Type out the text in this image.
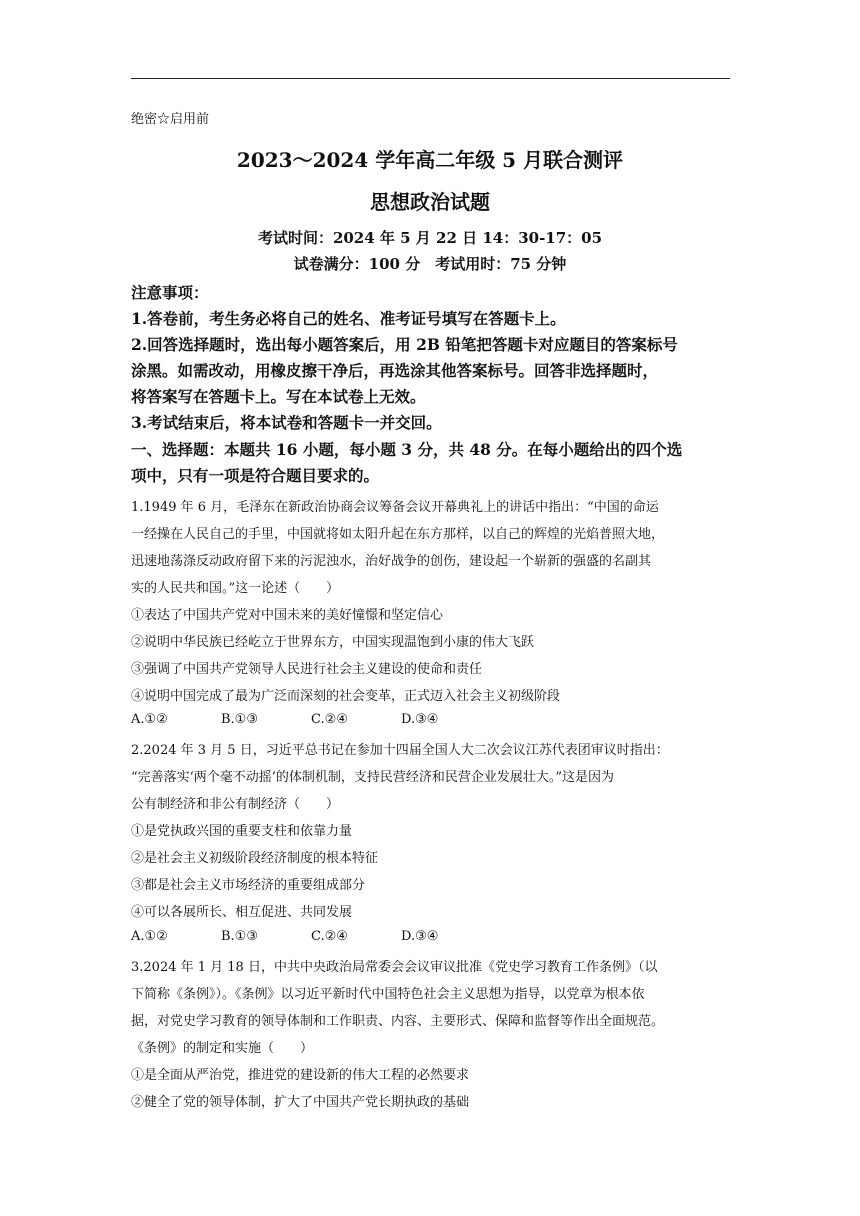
绝密☆启用前
2023～2024 学年高二年级 5 月联合测评
思想政治试题
考试时间：2024 年 5 月 22 日 14：30-17：05
试卷满分：100 分　考试用时：75 分钟
注意事项：
1.答卷前，考生务必将自己的姓名、准考证号填写在答题卡上。
2.回答选择题时，选出每小题答案后，用 2B 铅笔把答题卡对应题目的答案标号
涂黑。如需改动，用橡皮擦干净后，再选涂其他答案标号。回答非选择题时，
将答案写在答题卡上。写在本试卷上无效。
3.考试结束后，将本试卷和答题卡一并交回。
一、选择题：本题共 16 小题，每小题 3 分，共 48 分。在每小题给出的四个选
项中，只有一项是符合题目要求的。
1.1949 年 6 月，毛泽东在新政治协商会议筹备会议开幕典礼上的讲话中指出：“中国的命运
一经操在人民自己的手里，中国就将如太阳升起在东方那样，以自己的辉煌的光焰普照大地，
迅速地荡涤反动政府留下来的污泥浊水，治好战争的创伤，建设起一个崭新的强盛的名副其
实的人民共和国。”这一论述（　　）
①表达了中国共产党对中国未来的美好憧憬和坚定信心
②说明中华民族已经屹立于世界东方，中国实现温饱到小康的伟大飞跃
③强调了中国共产党领导人民进行社会主义建设的使命和责任
④说明中国完成了最为广泛而深刻的社会变革，正式迈入社会主义初级阶段
A.①②	B.①③	C.②④	D.③④
2.2024 年 3 月 5 日，习近平总书记在参加十四届全国人大二次会议江苏代表团审议时指出：
“完善落实‘两个毫不动摇’的体制机制，支持民营经济和民营企业发展壮大。”这是因为
公有制经济和非公有制经济（　　）
①是党执政兴国的重要支柱和依靠力量
②是社会主义初级阶段经济制度的根本特征
③都是社会主义市场经济的重要组成部分
④可以各展所长、相互促进、共同发展
A.①②	B.①③	C.②④	D.③④
3.2024 年 1 月 18 日，中共中央政治局常委会会议审议批准《党史学习教育工作条例》（以
下简称《条例》）。《条例》以习近平新时代中国特色社会主义思想为指导，以党章为根本依
据，对党史学习教育的领导体制和工作职责、内容、主要形式、保障和监督等作出全面规范。
《条例》的制定和实施（　　）
①是全面从严治党，推进党的建设新的伟大工程的必然要求
②健全了党的领导体制，扩大了中国共产党长期执政的基础
